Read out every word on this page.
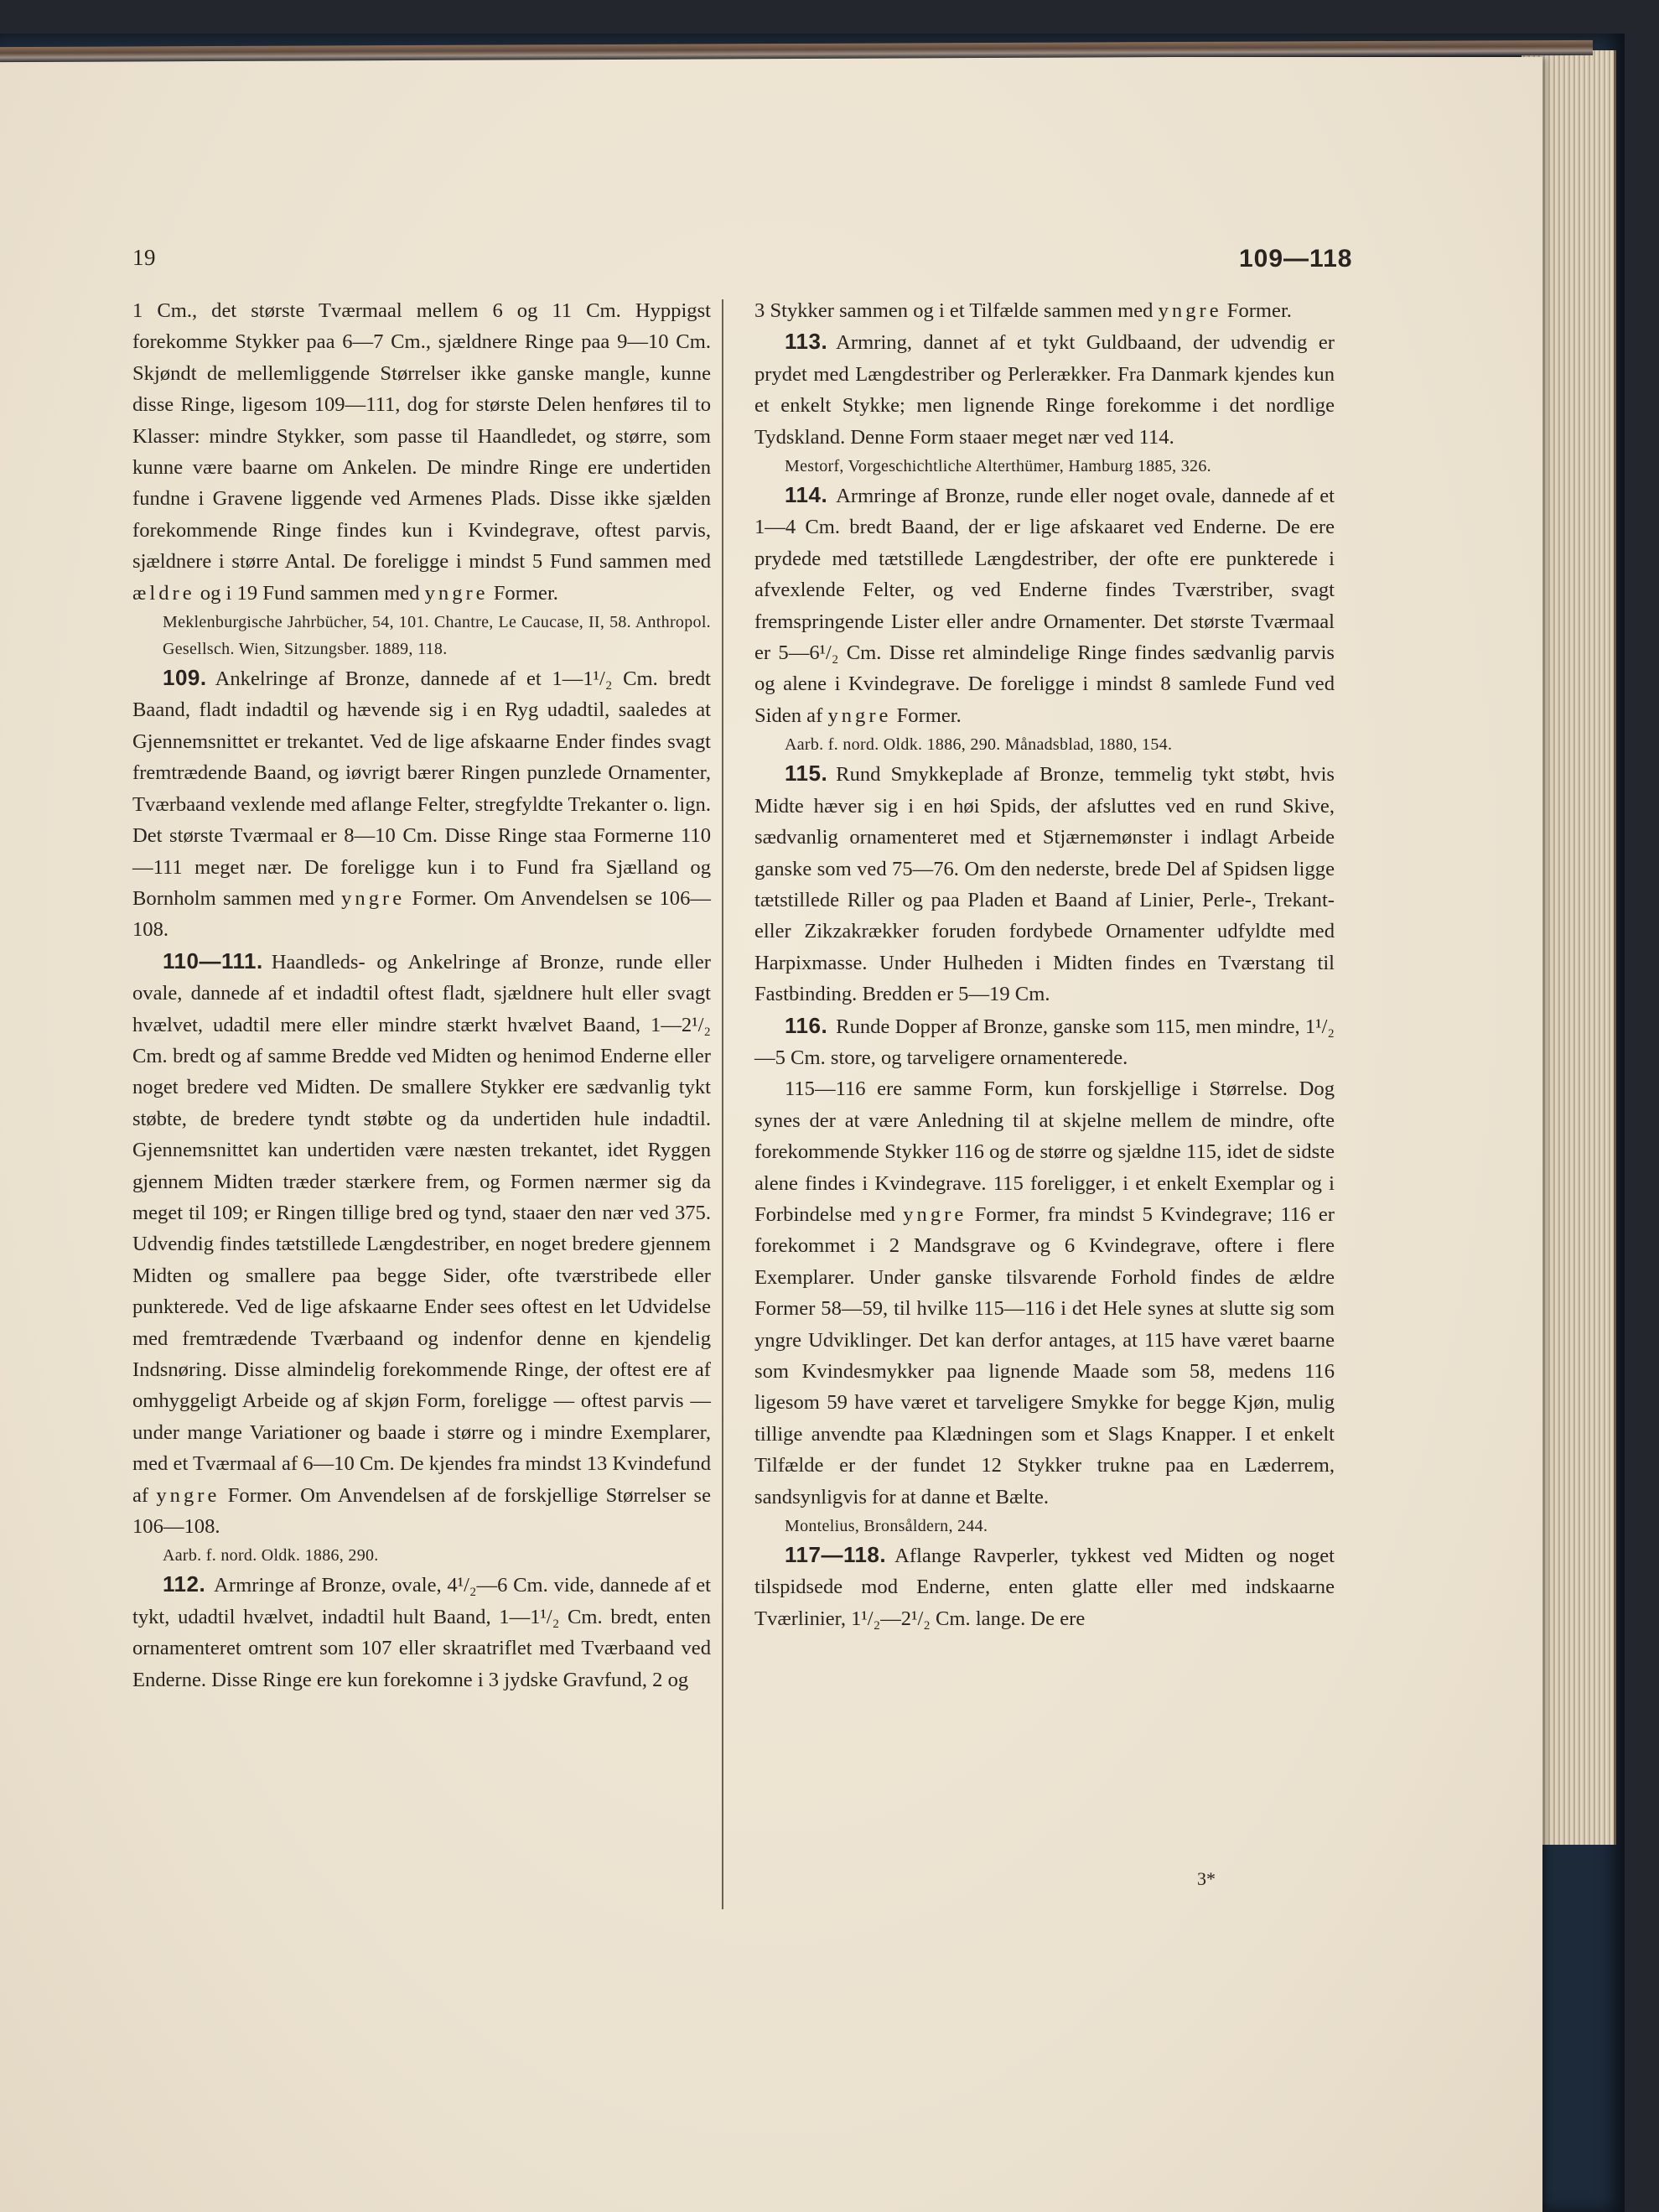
19	109—118

1 Cm., det største Tværmaal mellem 6 og 11 Cm. Hyppigst forekomme Stykker paa 6—7 Cm., sjældnere Ringe paa 9—10 Cm. Skjøndt de mellemliggende Størrelser ikke ganske mangle, kunne disse Ringe, ligesom 109—111, dog for største Delen henføres til to Klasser: mindre Stykker, som passe til Haandledet, og større, som kunne være baarne om Ankelen. De mindre Ringe ere undertiden fundne i Gravene liggende ved Armenes Plads. Disse ikke sjælden forekommende Ringe findes kun i Kvindegrave, oftest parvis, sjældnere i større Antal. De foreligge i mindst 5 Fund sammen med ældre og i 19 Fund sammen med yngre Former.

Meklenburgische Jahrbücher, 54, 101. Chantre, Le Caucase, II, 58. Anthropol. Gesellsch. Wien, Sitzungsber. 1889, 118.

109. Ankelringe af Bronze, dannede af et 1—1¹/₂ Cm. bredt Baand, fladt indadtil og hævende sig i en Ryg udadtil, saaledes at Gjennemsnittet er trekantet. Ved de lige afskaarne Ender findes svagt fremtrædende Baand, og iøvrigt bærer Ringen punzlede Ornamenter, Tværbaand vexlende med aflange Felter, stregfyldte Trekanter o. lign. Det største Tværmaal er 8—10 Cm. Disse Ringe staa Formerne 110—111 meget nær. De foreligge kun i to Fund fra Sjælland og Bornholm sammen med yngre Former. Om Anvendelsen se 106—108.

110—111. Haandleds- og Ankelringe af Bronze, runde eller ovale, dannede af et indadtil oftest fladt, sjældnere hult eller svagt hvælvet, udadtil mere eller mindre stærkt hvælvet Baand, 1—2¹/₂ Cm. bredt og af samme Bredde ved Midten og henimod Enderne eller noget bredere ved Midten. De smallere Stykker ere sædvanlig tykt støbte, de bredere tyndt støbte og da undertiden hule indadtil. Gjennemsnittet kan undertiden være næsten trekantet, idet Ryggen gjennem Midten træder stærkere frem, og Formen nærmer sig da meget til 109; er Ringen tillige bred og tynd, staaer den nær ved 375. Udvendig findes tætstillede Længdestriber, en noget bredere gjennem Midten og smallere paa begge Sider, ofte tværstribede eller punkterede. Ved de lige afskaarne Ender sees oftest en let Udvidelse med fremtrædende Tværbaand og indenfor denne en kjendelig Indsnøring. Disse almindelig forekommende Ringe, der oftest ere af omhyggeligt Arbeide og af skjøn Form, foreligge — oftest parvis — under mange Variationer og baade i større og i mindre Exemplarer, med et Tværmaal af 6—10 Cm. De kjendes fra mindst 13 Kvindefund af yngre Former. Om Anvendelsen af de forskjellige Størrelser se 106—108.

Aarb. f. nord. Oldk. 1886, 290.

112. Armringe af Bronze, ovale, 4¹/₂—6 Cm. vide, dannede af et tykt, udadtil hvælvet, indadtil hult Baand, 1—1¹/₂ Cm. bredt, enten ornamenteret omtrent som 107 eller skraatriflet med Tværbaand ved Enderne. Disse Ringe ere kun forekomne i 3 jydske Gravfund, 2 og

3 Stykker sammen og i et Tilfælde sammen med yngre Former.

113. Armring, dannet af et tykt Guldbaand, der udvendig er prydet med Længdestriber og Perlerækker. Fra Danmark kjendes kun et enkelt Stykke; men lignende Ringe forekomme i det nordlige Tydskland. Denne Form staaer meget nær ved 114.

Mestorf, Vorgeschichtliche Alterthümer, Hamburg 1885, 326.

114. Armringe af Bronze, runde eller noget ovale, dannede af et 1—4 Cm. bredt Baand, der er lige afskaaret ved Enderne. De ere prydede med tætstillede Længdestriber, der ofte ere punkterede i afvexlende Felter, og ved Enderne findes Tværstriber, svagt fremspringende Lister eller andre Ornamenter. Det største Tværmaal er 5—6¹/₂ Cm. Disse ret almindelige Ringe findes sædvanlig parvis og alene i Kvindegrave. De foreligge i mindst 8 samlede Fund ved Siden af yngre Former.

Aarb. f. nord. Oldk. 1886, 290. Månadsblad, 1880, 154.

115. Rund Smykkeplade af Bronze, temmelig tykt støbt, hvis Midte hæver sig i en høi Spids, der afsluttes ved en rund Skive, sædvanlig ornamenteret med et Stjærnemønster i indlagt Arbeide ganske som ved 75—76. Om den nederste, brede Del af Spidsen ligge tætstillede Riller og paa Pladen et Baand af Linier, Perle-, Trekant- eller Zikzakrækker foruden fordybede Ornamenter udfyldte med Harpixmasse. Under Hulheden i Midten findes en Tværstang til Fastbinding. Bredden er 5—19 Cm.

116. Runde Dopper af Bronze, ganske som 115, men mindre, 1¹/₂—5 Cm. store, og tarveligere ornamenterede.

115—116 ere samme Form, kun forskjellige i Størrelse. Dog synes der at være Anledning til at skjelne mellem de mindre, ofte forekommende Stykker 116 og de større og sjældne 115, idet de sidste alene findes i Kvindegrave. 115 foreligger, i et enkelt Exemplar og i Forbindelse med yngre Former, fra mindst 5 Kvindegrave; 116 er forekommet i 2 Mandsgrave og 6 Kvindegrave, oftere i flere Exemplarer. Under ganske tilsvarende Forhold findes de ældre Former 58—59, til hvilke 115—116 i det Hele synes at slutte sig som yngre Udviklinger. Det kan derfor antages, at 115 have været baarne som Kvindesmykker paa lignende Maade som 58, medens 116 ligesom 59 have været et tarveligere Smykke for begge Kjøn, mulig tillige anvendte paa Klædningen som et Slags Knapper. I et enkelt Tilfælde er der fundet 12 Stykker trukne paa en Læderrem, sandsynligvis for at danne et Bælte.

Montelius, Bronsåldern, 244.

117—118. Aflange Ravperler, tykkest ved Midten og noget tilspidsede mod Enderne, enten glatte eller med indskaarne Tværlinier, 1¹/₂—2¹/₂ Cm. lange. De ere

3*
